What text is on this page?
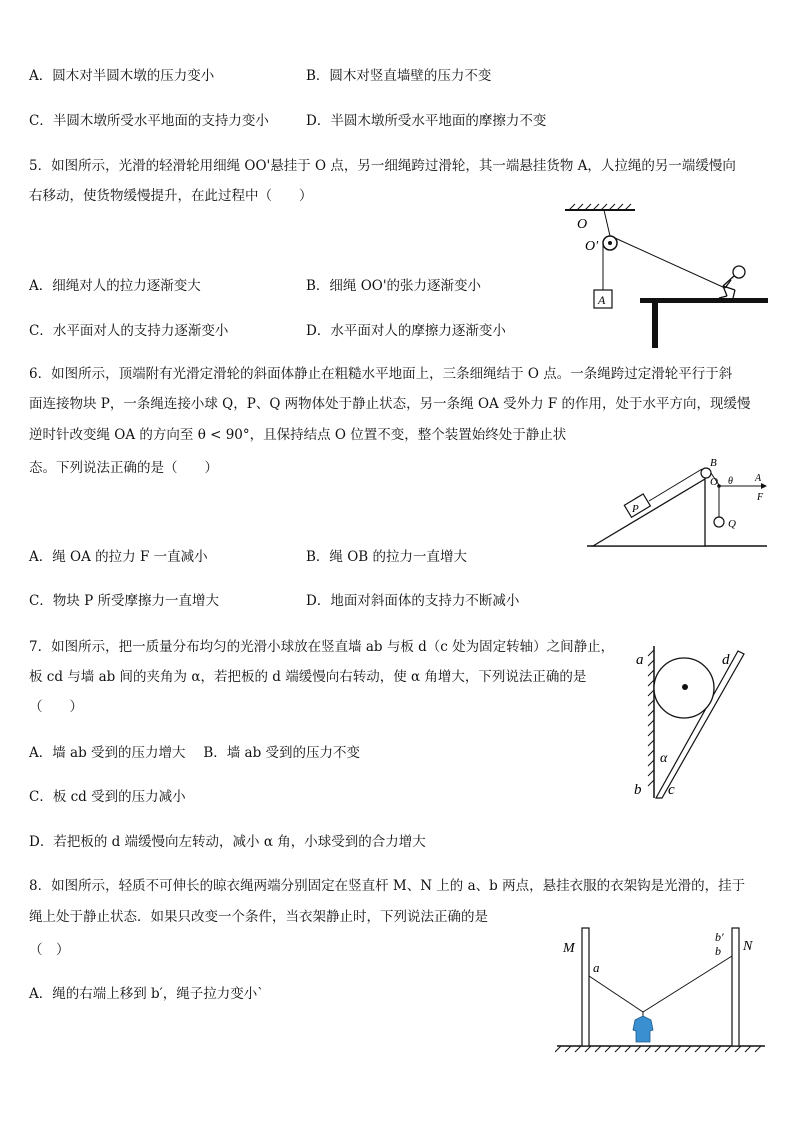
A．圆木对半圆木墩的压力变小	B．圆木对竖直墙壁的压力不变
C．半圆木墩所受水平地面的支持力变小	D．半圆木墩所受水平地面的摩擦力不变
5．如图所示，光滑的轻滑轮用细绳 OO'悬挂于 O 点，另一细绳跨过滑轮，其一端悬挂货物 A，人拉绳的另一端缓慢向
右移动，使货物缓慢提升，在此过程中（　　）
A．细绳对人的拉力逐渐变大	B．细绳 OO'的张力逐渐变小
C．水平面对人的支持力逐渐变小	D．水平面对人的摩擦力逐渐变小
O
O′
A
6．如图所示，顶端附有光滑定滑轮的斜面体静止在粗糙水平地面上，三条细绳结于 O 点。一条绳跨过定滑轮平行于斜
面连接物块 P，一条绳连接小球 Q，P、Q 两物体处于静止状态，另一条绳 OA 受外力 F 的作用，处于水平方向，现缓慢
逆时针改变绳 OA 的方向至 θ < 90°，且保持结点 O 位置不变，整个装置始终处于静止状
态。下列说法正确的是（　　）
A．绳 OA 的拉力 F 一直减小	B．绳 OB 的拉力一直增大
C．物块 P 所受摩擦力一直增大	D．地面对斜面体的支持力不断减小
B
P
O	A
F
θ
Q
7．如图所示，把一质量分布均匀的光滑小球放在竖直墙 ab 与板 d（c 处为固定转轴）之间静止，
板 cd 与墙 ab 间的夹角为 α，若把板的 d 端缓慢向右转动，使 α 角增大，下列说法正确的是
（　　）
A．墙 ab 受到的压力增大　 B．墙 ab 受到的压力不变
C．板 cd 受到的压力减小
D．若把板的 d 端缓慢向左转动，减小 α 角，小球受到的合力增大
a
b
d
c
α
8．如图所示，轻质不可伸长的晾衣绳两端分别固定在竖直杆 M、N 上的 a、b 两点，悬挂衣服的衣架钩是光滑的，挂于
绳上处于静止状态．如果只改变一个条件，当衣架静止时，下列说法正确的是
（　）
A．绳的右端上移到 b′，绳子拉力变小`
M	N
a
b′
b
